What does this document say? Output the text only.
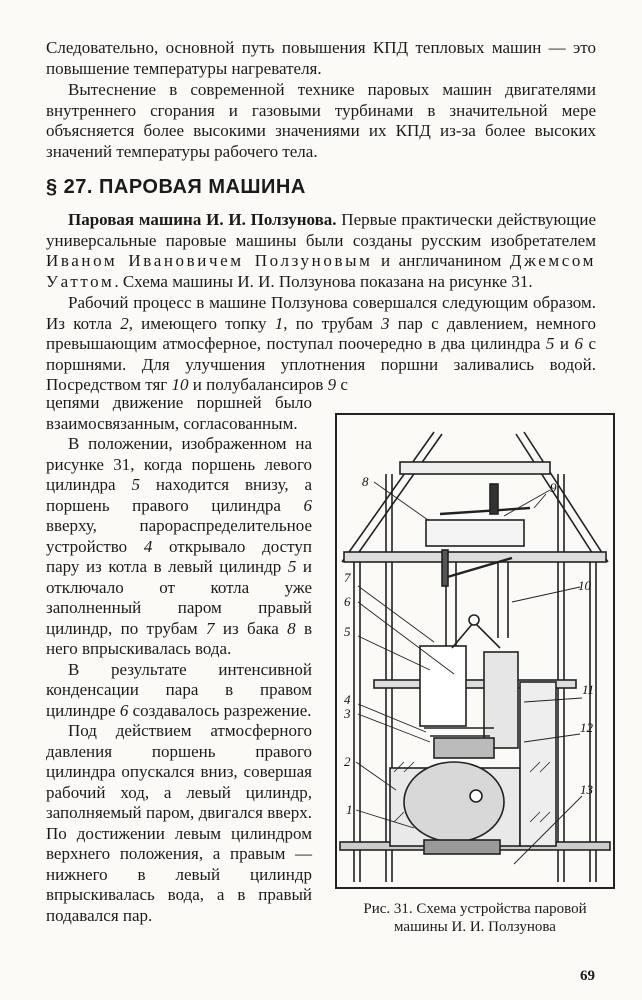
Следовательно, основной путь повышения КПД тепловых машин — это повышение температуры нагревателя.

Вытеснение в современной технике паровых машин двигателями внутреннего сгорания и газовыми турбинами в значительной мере объясняется более высокими значениями их КПД из-за более высоких значений температуры рабочего тела.

§ 27. ПАРОВАЯ МАШИНА

Паровая машина И. И. Ползунова. Первые практически действующие универсальные паровые машины были созданы русским изобретателем Иваном Ивановичем Ползуновым и англичанином Джемсом Уаттом. Схема машины И. И. Ползунова показана на рисунке 31.

Рабочий процесс в машине Ползунова совершался следующим образом. Из котла 2, имеющего топку 1, по трубам 3 пар с давлением, немного превышающим атмосферное, поступал поочередно в два цилиндра 5 и 6 с поршнями. Для улучшения уплотнения поршни заливались водой. Посредством тяг 10 и полубалансиров 9 с

цепями движение поршней было взаимосвязанным, согласованным.

В положении, изображенном на рисунке 31, когда поршень левого цилиндра 5 находится внизу, а поршень правого цилиндра 6 вверху, парораспределительное устройство 4 открывало доступ пару из котла в левый цилиндр 5 и отключало от котла уже заполненный паром правый цилиндр, по трубам 7 из бака 8 в него впрыскивалась вода.

В результате интенсивной конденсации пара в правом цилиндре 6 создавалось разрежение.

Под действием атмосферного давления поршень правого цилиндра опускался вниз, совершая рабочий ход, а левый цилиндр, заполняемый паром, двигался вверх. По достижении левым цилиндром верхнего положения, а правым — нижнего в левый цилиндр впрыскивалась вода, а в правый подавался пар.

1
2
3
4
5
6
7
8	9
10
11
12
13
Рис. 31. Схема устройства паровой
машины И. И. Ползунова
69
